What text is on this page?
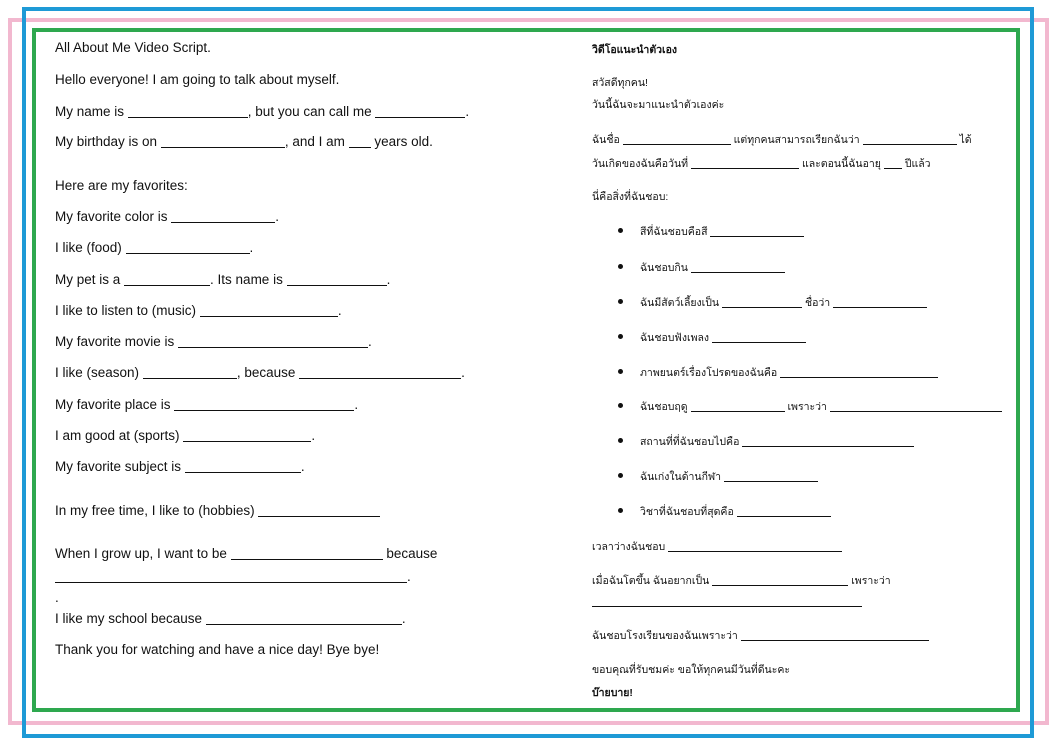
All About Me Video Script.
Hello everyone! I am going to talk about myself.
My name is	, but you can call me	.
My birthday is on	, and I am years old.
Here are my favorites:
My favorite color is	.
I like (food)	.
My pet is a	. Its name is	.
I like to listen to (music)	.
My favorite movie is	.
I like (season)	, because	.
My favorite place is	.
I am good at (sports)	.
My favorite subject is	.
In my free time, I like to (hobbies)
When I grow up, I want to be	because
.
.
I like my school because	.
Thank you for watching and have a nice day! Bye bye!
วิดีโอแนะนำตัวเอง
สวัสดีทุกคน!
วันนี้ฉันจะมาแนะนำตัวเองค่ะ
ฉันชื่อ	แต่ทุกคนสามารถเรียกฉันว่า	ได้
วันเกิดของฉันคือวันที่	และตอนนี้ฉันอายุ ปีแล้ว
นี่คือสิ่งที่ฉันชอบ:
สีที่ฉันชอบคือสี
ฉันชอบกิน
ฉันมีสัตว์เลี้ยงเป็น	ชื่อว่า
ฉันชอบฟังเพลง
ภาพยนตร์เรื่องโปรดของฉันคือ
ฉันชอบฤดู	เพราะว่า
สถานที่ที่ฉันชอบไปคือ
ฉันเก่งในด้านกีฬา
วิชาที่ฉันชอบที่สุดคือ
เวลาว่างฉันชอบ
เมื่อฉันโตขึ้น ฉันอยากเป็น	เพราะว่า
ฉันชอบโรงเรียนของฉันเพราะว่า
ขอบคุณที่รับชมค่ะ ขอให้ทุกคนมีวันที่ดีนะคะ
บ๊ายบาย!
